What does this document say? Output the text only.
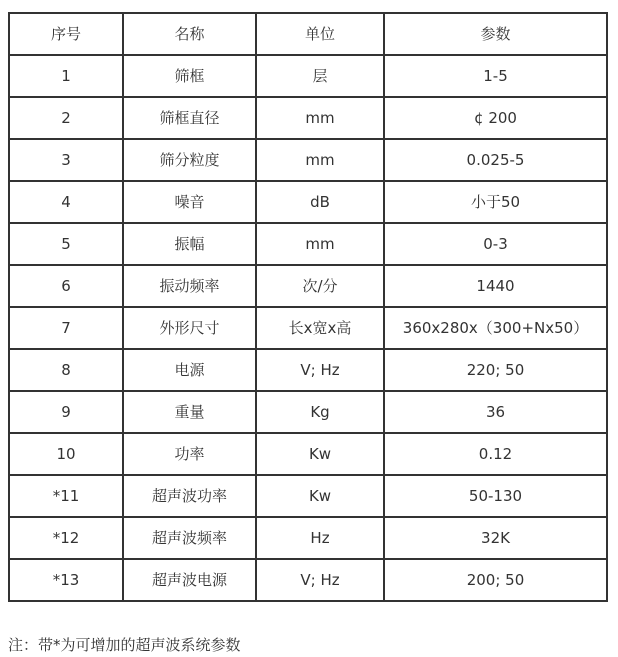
序号	名称	单位	参数
1	筛框	层	1-5
2	筛框直径	mm	¢ 200
3	筛分粒度	mm	0.025-5
4	噪音	dB	小于50
5	振幅	mm	0-3
6	振动频率	次/分	1440
7	外形尺寸	长x宽x高	360x280x（300+Nx50）
8	电源	V; Hz	220; 50
9	重量	Kg	36
10	功率	Kw	0.12
*11	超声波功率	Kw	50-130
*12	超声波频率	Hz	32K
*13	超声波电源	V; Hz	200; 50
注：带*为可增加的超声波系统参数
